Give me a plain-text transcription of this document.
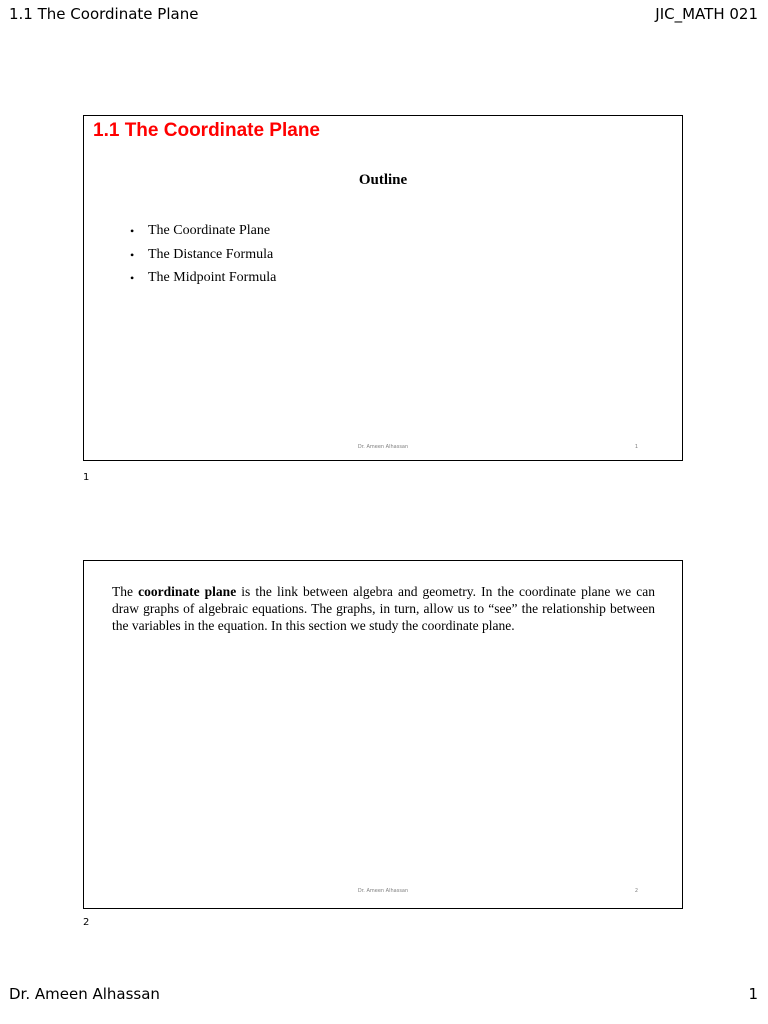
1.1 The Coordinate Plane	JIC_MATH 021
1.1 The Coordinate Plane
Outline
• The Coordinate Plane
• The Distance Formula
• The Midpoint Formula
Dr. Ameen Alhassan	1
1

The coordinate plane is the link between algebra and geometry. In the coordinate plane we can draw graphs of algebraic equations. The graphs, in turn, allow us to “see” the relationship between the variables in the equation. In this section we study the coordinate plane.

Dr. Ameen Alhassan	2
2
Dr. Ameen Alhassan	1
